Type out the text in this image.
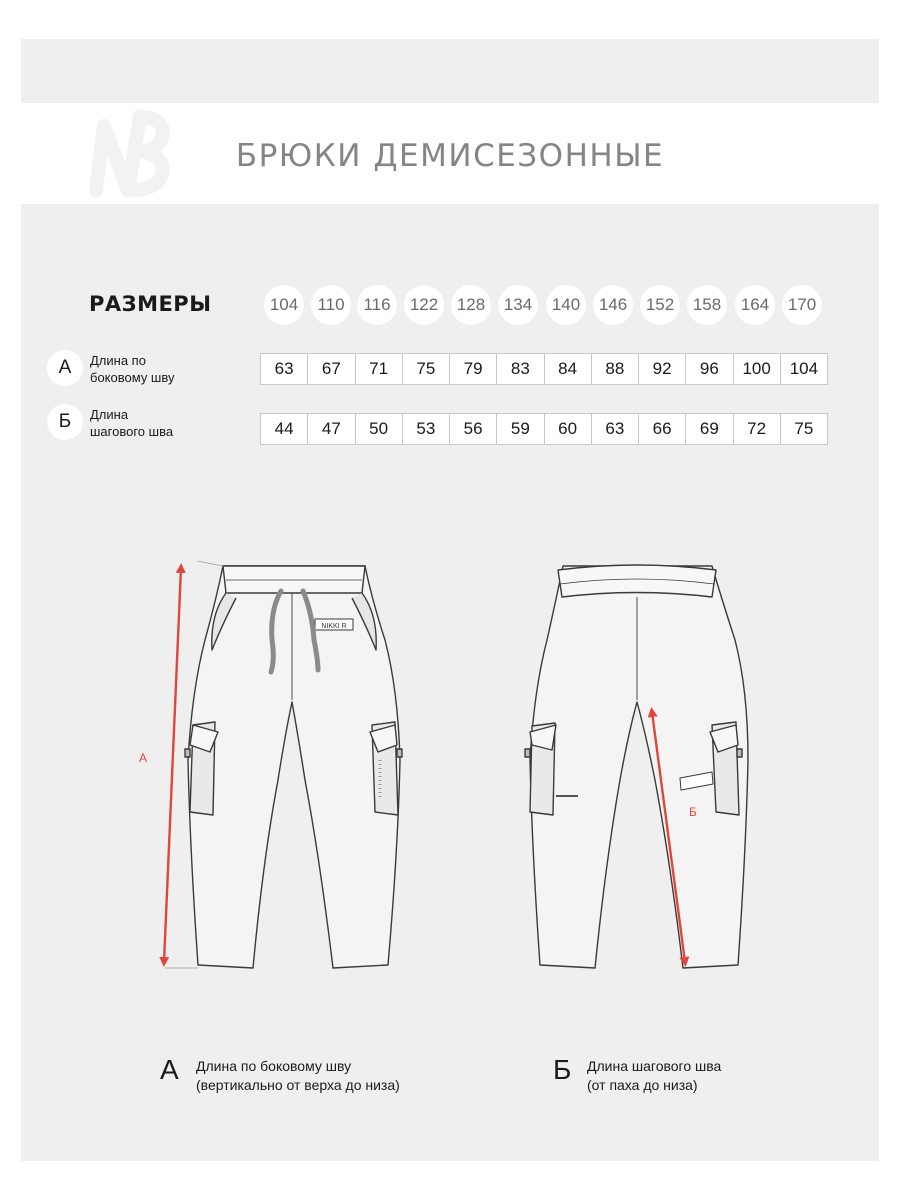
БРЮКИ ДЕМИСЕЗОННЫЕ
РАЗМЕРЫ	104	110	116	122	128	134	140	146	152	158	164	170
А	Длина по
боковому шву	63	67	71	75	79	83	84	88	92	96	100	104
Б	Длина
шагового шва	44	47	50	53	56	59	60	63	66	69	72	75
NIKKI R
А
Б
А Длина по боковому шву
(вертикально от верха до низа)	Б Длина шагового шва
(от паха до низа)
